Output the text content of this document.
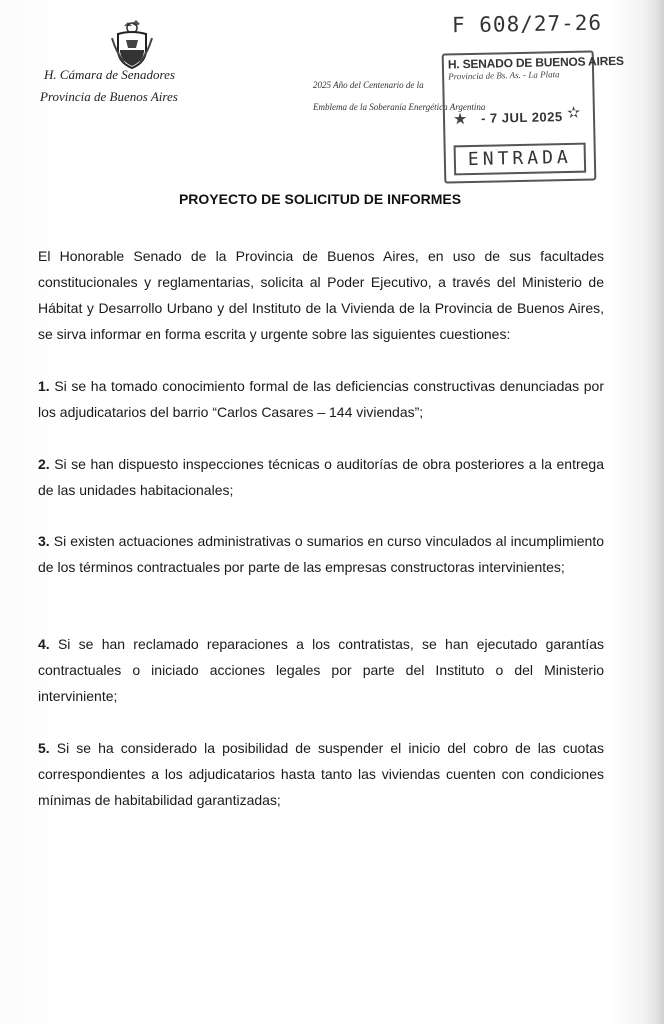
H. Cámara de Senadores
Provincia de Buenos Aires
2025 Año del Centenario de la
Emblema de la Soberanía Energética Argentina
F 608/27-26
H. SENADO DE BUENOS AIRES
Provincia de Bs. As. - La Plata
★ - 7 JUL 2025 ✫
ENTRADA
PROYECTO DE SOLICITUD DE INFORMES
El Honorable Senado de la Provincia de Buenos Aires, en uso de sus facultades constitucionales y reglamentarias, solicita al Poder Ejecutivo, a través del Ministerio de Hábitat y Desarrollo Urbano y del Instituto de la Vivienda de la Provincia de Buenos Aires, se sirva informar en forma escrita y urgente sobre las siguientes cuestiones:
1. Si se ha tomado conocimiento formal de las deficiencias constructivas denunciadas por los adjudicatarios del barrio “Carlos Casares – 144 viviendas”;
2. Si se han dispuesto inspecciones técnicas o auditorías de obra posteriores a la entrega de las unidades habitacionales;
3. Si existen actuaciones administrativas o sumarios en curso vinculados al incumplimiento de los términos contractuales por parte de las empresas constructoras intervinientes;
4. Si se han reclamado reparaciones a los contratistas, se han ejecutado garantías contractuales o iniciado acciones legales por parte del Instituto o del Ministerio interviniente;
5. Si se ha considerado la posibilidad de suspender el inicio del cobro de las cuotas correspondientes a los adjudicatarios hasta tanto las viviendas cuenten con condiciones mínimas de habitabilidad garantizadas;
